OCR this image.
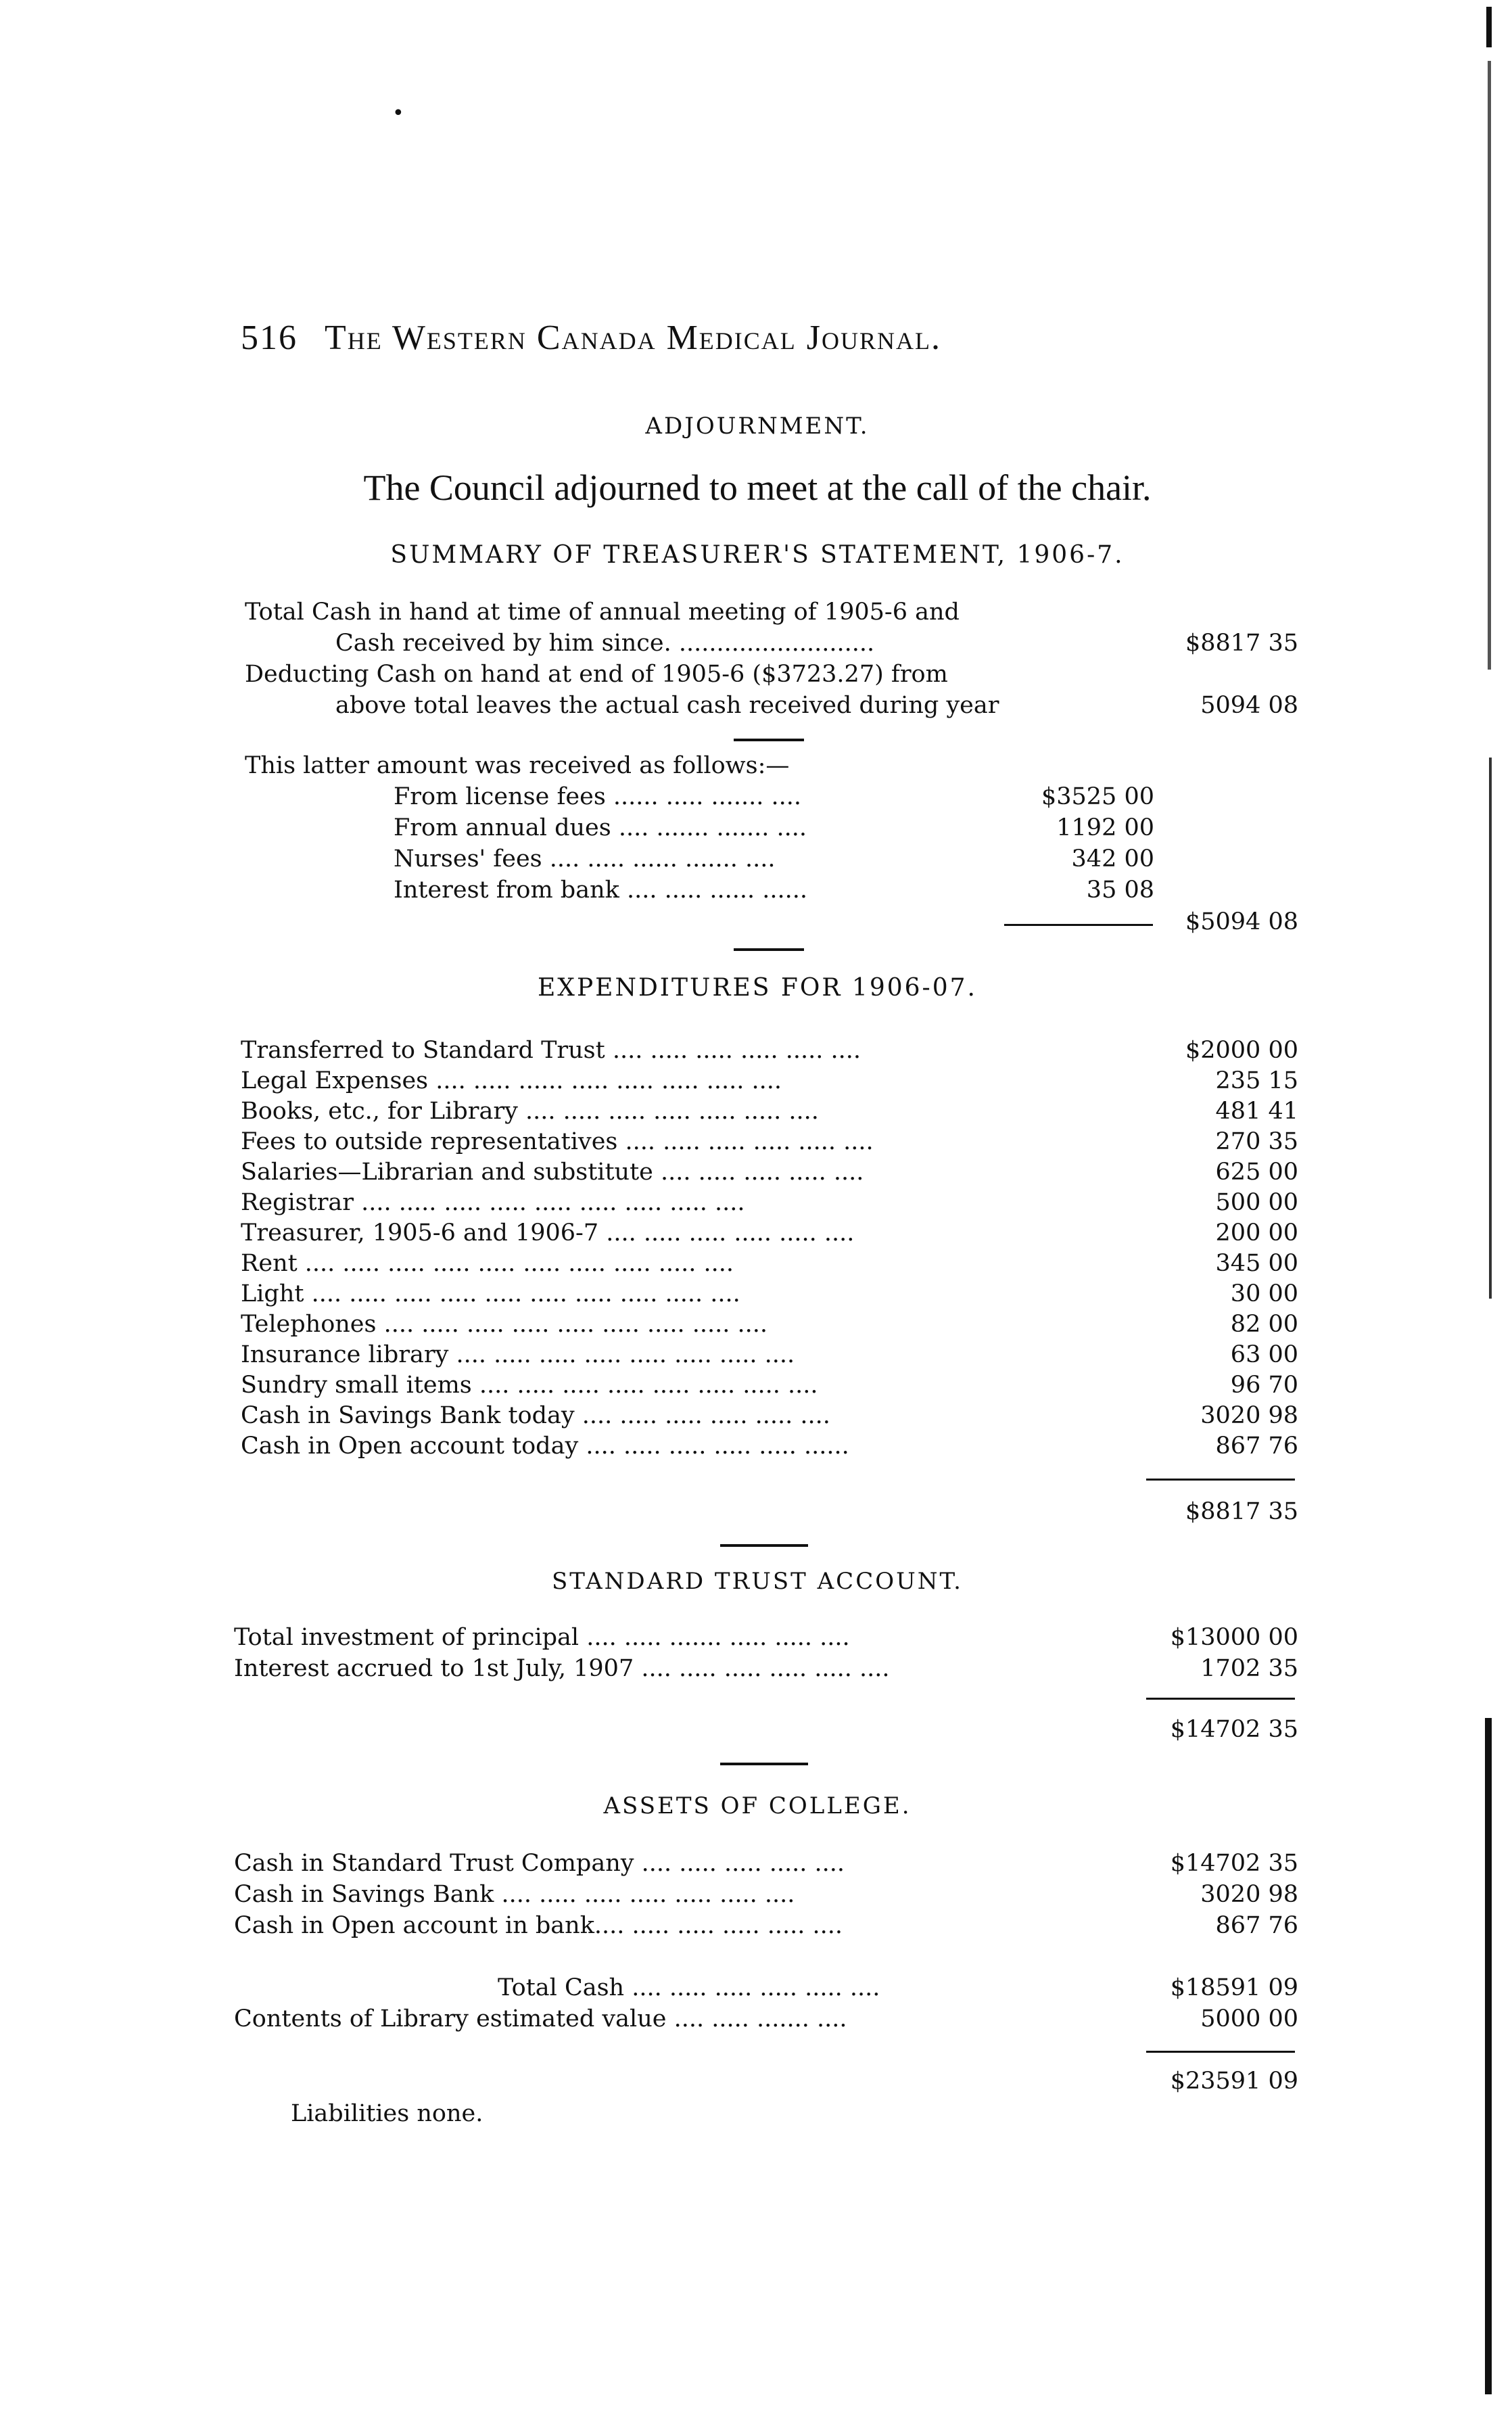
•
516 The Western Canada Medical Journal.
ADJOURNMENT.
The Council adjourned to meet at the call of the chair.
SUMMARY OF TREASURER'S STATEMENT, 1906-7.
Total Cash in hand at time of annual meeting of 1905-6 and
Cash received by him since. ..........................	$8817 35
Deducting Cash on hand at end of 1905-6 ($3723.27) from
above total leaves the actual cash received during year	5094 08
This latter amount was received as follows:—
From license fees ...... ..... ....... ....	$3525 00
From annual dues .... ....... ....... ....	1192 00
Nurses' fees .... ..... ...... ....... ....	342 00
Interest from bank .... ..... ...... ......	35 08
$5094 08
EXPENDITURES FOR 1906-07.
Transferred to Standard Trust .... ..... ..... ..... ..... ....	$2000 00
Legal Expenses .... ..... ...... ..... ..... ..... ..... ....	235 15
Books, etc., for Library .... ..... ..... ..... ..... ..... ....	481 41
Fees to outside representatives .... ..... ..... ..... ..... ....	270 35
Salaries—Librarian and substitute .... ..... ..... ..... ....	625 00
Registrar .... ..... ..... ..... ..... ..... ..... ..... ....	500 00
Treasurer, 1905-6 and 1906-7 .... ..... ..... ..... ..... ....	200 00
Rent .... ..... ..... ..... ..... ..... ..... ..... ..... ....	345 00
Light .... ..... ..... ..... ..... ..... ..... ..... ..... ....	30 00
Telephones .... ..... ..... ..... ..... ..... ..... ..... ....	82 00
Insurance library .... ..... ..... ..... ..... ..... ..... ....	63 00
Sundry small items .... ..... ..... ..... ..... ..... ..... ....	96 70
Cash in Savings Bank today .... ..... ..... ..... ..... ....	3020 98
Cash in Open account today .... ..... ..... ..... ..... ......	867 76
$8817 35
STANDARD TRUST ACCOUNT.
Total investment of principal .... ..... ....... ..... ..... ....	$13000 00
Interest accrued to 1st July, 1907 .... ..... ..... ..... ..... ....	1702 35
$14702 35
ASSETS OF COLLEGE.
Cash in Standard Trust Company .... ..... ..... ..... ....	$14702 35
Cash in Savings Bank .... ..... ..... ..... ..... ..... ....	3020 98
Cash in Open account in bank.... ..... ..... ..... ..... ....	867 76
Total Cash .... ..... ..... ..... ..... ....	$18591 09
Contents of Library estimated value .... ..... ....... ....	5000 00
$23591 09
Liabilities none.
